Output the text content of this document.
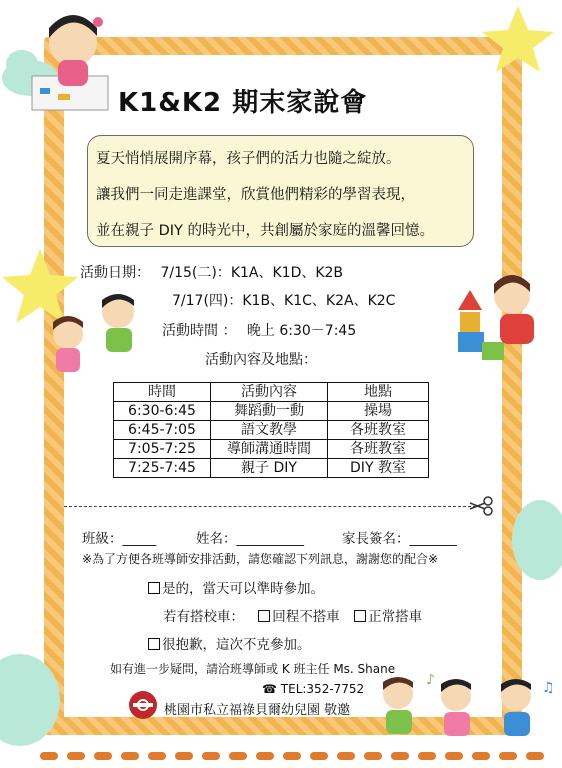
♪	♫
K1&K2 期末家說會
夏天悄悄展開序幕，孩子們的活力也隨之綻放。
讓我們一同走進課堂，欣賞他們精彩的學習表現，
並在親子 DIY 的時光中，共創屬於家庭的溫馨回憶。
活動日期： 7/15(二)：K1A、K1D、K2B
7/17(四)：K1B、K1C、K2A、K2C
活動時間 ： 晚上 6:30－7:45
活動內容及地點：
時間	活動內容	地點
6:30-6:45	舞蹈動一動	操場
6:45-7:05	語文教學	各班教室
7:05-7:25	導師溝通時間	各班教室
7:25-7:45	親子 DIY	DIY 教室
班級：_____	姓名：__________	家長簽名：_______
※為了方便各班導師安排活動，請您確認下列訊息，謝謝您的配合※
是的，當天可以準時參加。
若有搭校車： 回程不搭車 正常搭車
很抱歉，這次不克參加。
如有進一步疑問，請洽班導師或 K 班主任 Ms. Shane
☎ TEL:352-7752
桃園市私立福祿貝爾幼兒園 敬邀
